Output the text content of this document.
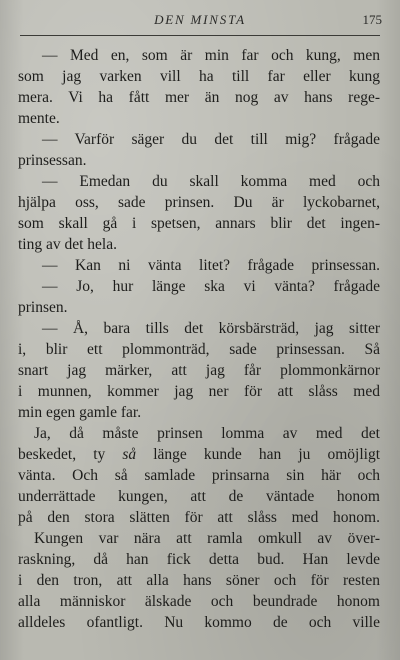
DEN MINSTA	175
— Med en, som är min far och kung, men
som jag varken vill ha till far eller kung
mera. Vi ha fått mer än nog av hans rege-
mente.
— Varför säger du det till mig? frågade
prinsessan.
— Emedan du skall komma med och
hjälpa oss, sade prinsen. Du är lyckobarnet,
som skall gå i spetsen, annars blir det ingen-
ting av det hela.
— Kan ni vänta litet? frågade prinsessan.
— Jo, hur länge ska vi vänta? frågade
prinsen.
— Å, bara tills det körsbärsträd, jag sitter
i, blir ett plommonträd, sade prinsessan. Så
snart jag märker, att jag får plommonkärnor
i munnen, kommer jag ner för att slåss med
min egen gamle far.
Ja, då måste prinsen lomma av med det
beskedet, ty så länge kunde han ju omöjligt
vänta. Och så samlade prinsarna sin här och
underrättade kungen, att de väntade honom
på den stora slätten för att slåss med honom.
Kungen var nära att ramla omkull av över-
raskning, då han fick detta bud. Han levde
i den tron, att alla hans söner och för resten
alla människor älskade och beundrade honom
alldeles ofantligt. Nu kommo de och ville
